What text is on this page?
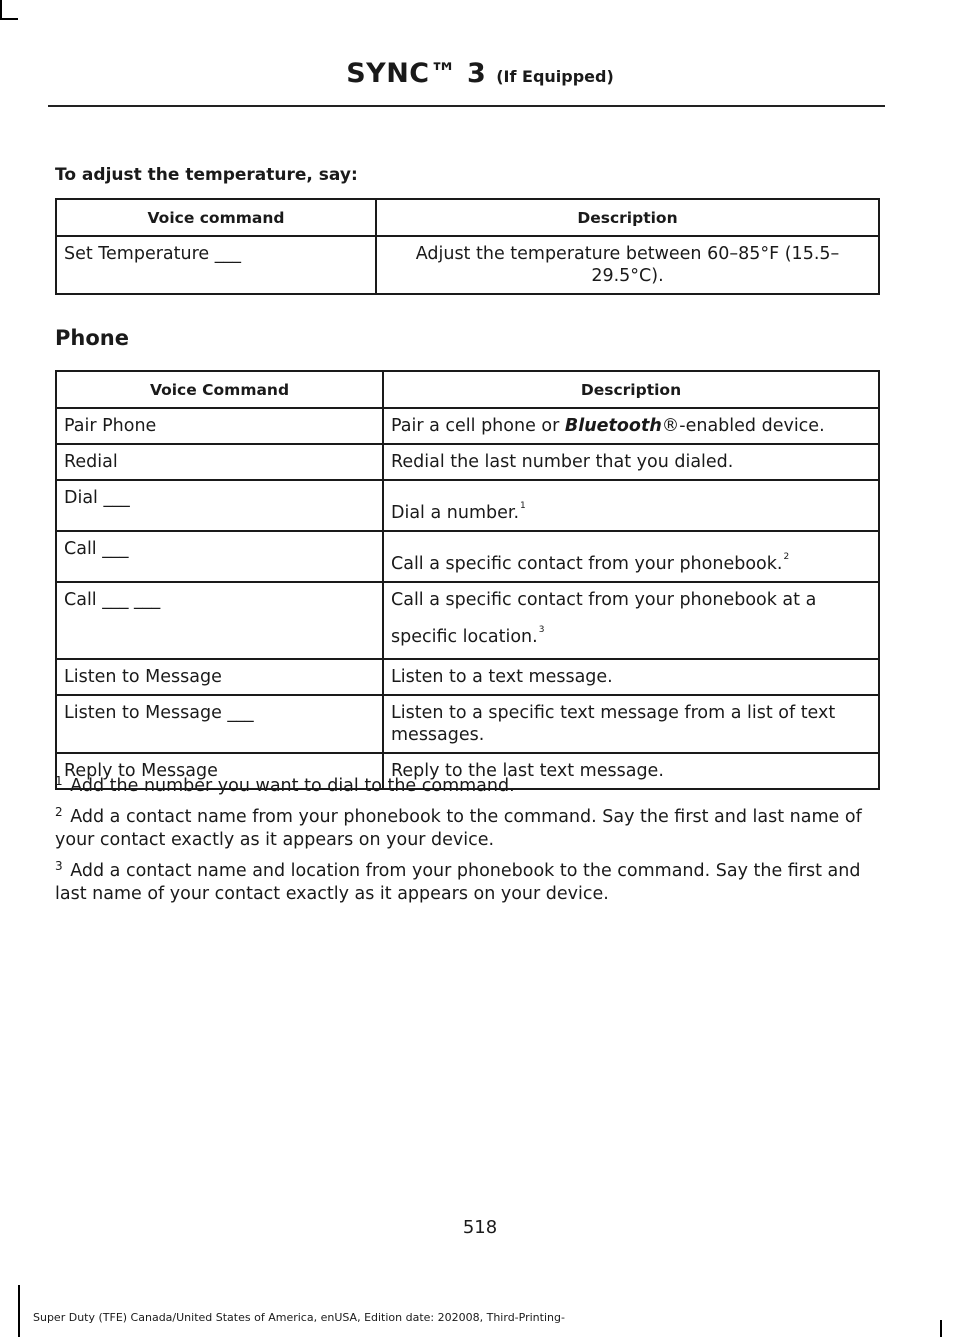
SYNC™ 3 (If Equipped)
To adjust the temperature, say:
Voice command	Description
Set Temperature ___	Adjust the temperature between 60–85°F (15.5–29.5°C).
Phone
Voice Command	Description
Pair Phone	Pair a cell phone or Bluetooth®-enabled device.
Redial	Redial the last number that you dialed.
Dial ___	Dial a number.$^1$
Call ___	Call a specific contact from your phonebook.$^2$
Call ___ ___	Call a specific contact from your phonebook at a specific location.$^3$
Listen to Message	Listen to a text message.
Listen to Message ___	Listen to a specific text message from a list of text messages.
Reply to Message	Reply to the last text message.

$^1$ Add the number you want to dial to the command.

$^2$ Add a contact name from your phonebook to the command. Say the first and last name of your contact exactly as it appears on your device.

$^3$ Add a contact name and location from your phonebook to the command. Say the first and last name of your contact exactly as it appears on your device.

518
Super Duty (TFE) Canada/United States of America, enUSA, Edition date: 202008, Third-Printing-
